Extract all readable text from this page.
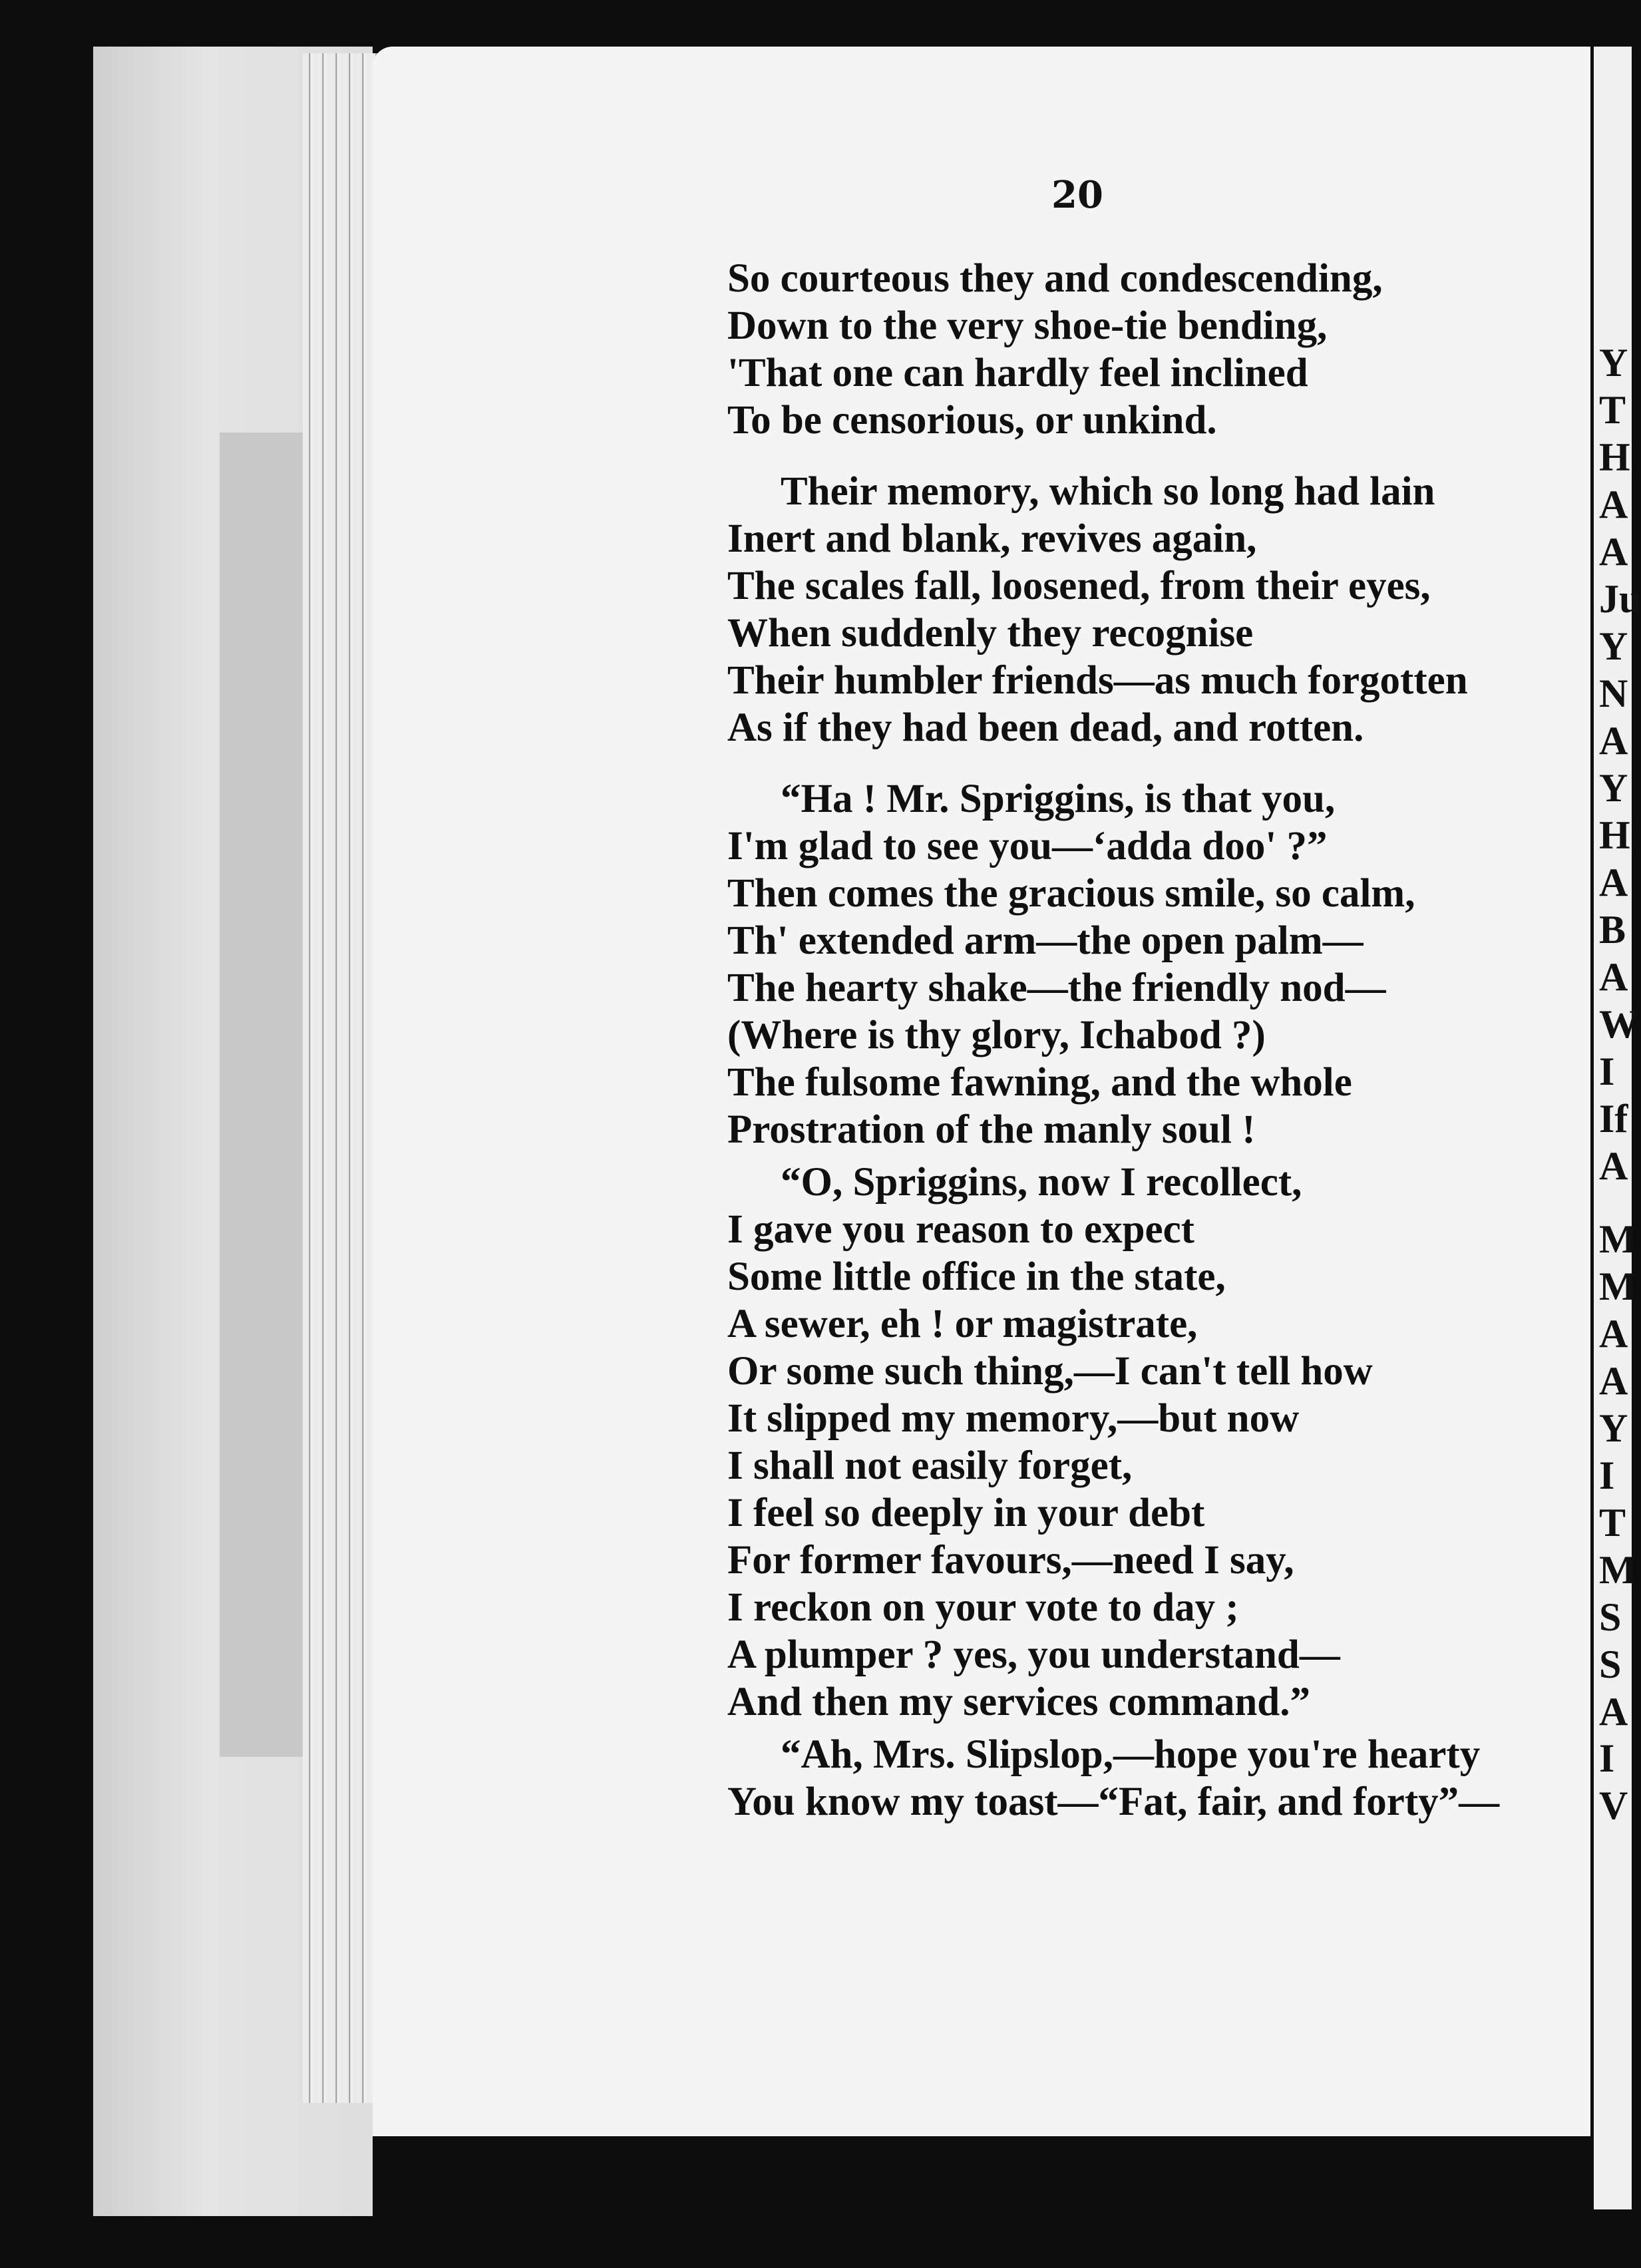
20
So courteous they and condescending,
Down to the very shoe-tie bending,
'That one can hardly feel inclined
To be censorious, or unkind.
Their memory, which so long had lain
Inert and blank, revives again,
The scales fall, loosened, from their eyes,
When suddenly they recognise
Their humbler friends—as much forgotten
As if they had been dead, and rotten.
“Ha ! Mr. Spriggins, is that you,
I'm glad to see you—‘adda doo' ?”
Then comes the gracious smile, so calm,
Th' extended arm—the open palm—
The hearty shake—the friendly nod—
(Where is thy glory, Ichabod ?)
The fulsome fawning, and the whole
Prostration of the manly soul !
“O, Spriggins, now I recollect,
I gave you reason to expect
Some little office in the state,
A sewer, eh ! or magistrate,
Or some such thing,—I can't tell how
It slipped my memory,—but now
I shall not easily forget,
I feel so deeply in your debt
For former favours,—need I say,
I reckon on your vote to day ;
A plumper ? yes, you understand—
And then my services command.”
“Ah, Mrs. Slipslop,—hope you're hearty
You know my toast—“Fat, fair, and forty”—
Y
T
H
A
A
Ju
Y
N
A
Y
H
A
B
A
W
I
If
A
M
M
A
A
Y
I
T
M
S
S
A
I
V
